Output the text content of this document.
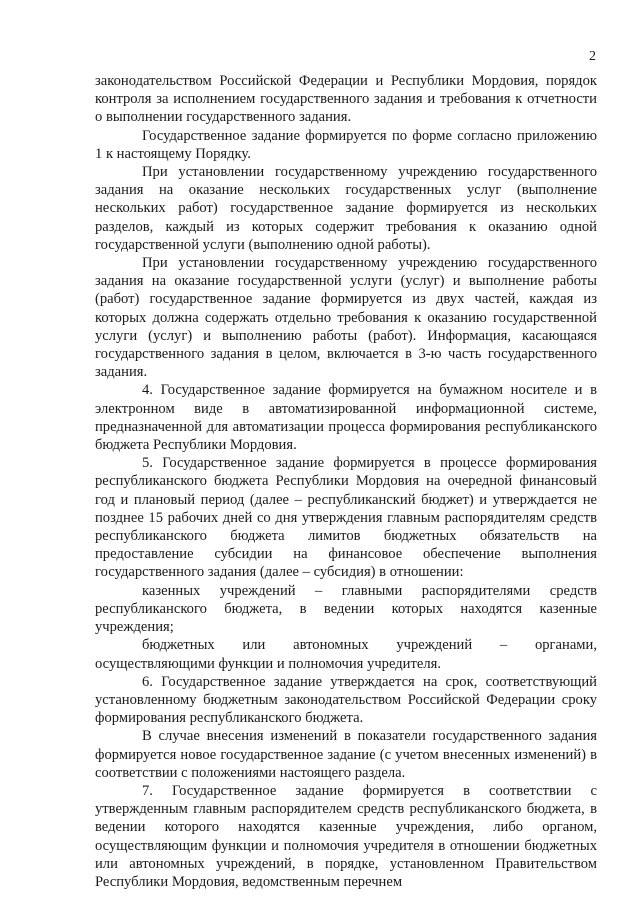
2

законодательством Российской Федерации и Республики Мордовия, порядок контроля за исполнением государственного задания и требования к отчетности о выполнении государственного задания.

Государственное задание формируется по форме согласно приложению 1 к настоящему Порядку.

При установлении государственному учреждению государственного задания на оказание нескольких государственных услуг (выполнение нескольких работ) государственное задание формируется из нескольких разделов, каждый из которых содержит требования к оказанию одной государственной услуги (выполнению одной работы).

При установлении государственному учреждению государственного задания на оказание государственной услуги (услуг) и выполнение работы (работ) государственное задание формируется из двух частей, каждая из которых должна содержать отдельно требования к оказанию государственной услуги (услуг) и выполнению работы (работ). Информация, касающаяся государственного задания в целом, включается в 3-ю часть государственного задания.

4. Государственное задание формируется на бумажном носителе и в электронном виде в автоматизированной информационной системе, предназначенной для автоматизации процесса формирования республиканского бюджета Республики Мордовия.

5. Государственное задание формируется в процессе формирования республиканского бюджета Республики Мордовия на очередной финансовый год и плановый период (далее – республиканский бюджет) и утверждается не позднее 15 рабочих дней со дня утверждения главным распорядителям средств республиканского бюджета лимитов бюджетных обязательств на предоставление субсидии на финансовое обеспечение выполнения государственного задания (далее – субсидия) в отношении:

казенных учреждений – главными распорядителями средств республиканского бюджета, в ведении которых находятся казенные учреждения;

бюджетных или автономных учреждений – органами, осуществляющими функции и полномочия учредителя.

6. Государственное задание утверждается на срок, соответствующий установленному бюджетным законодательством Российской Федерации сроку формирования республиканского бюджета.

В случае внесения изменений в показатели государственного задания формируется новое государственное задание (с учетом внесенных изменений) в соответствии с положениями настоящего раздела.

7. Государственное задание формируется в соответствии с утвержденным главным распорядителем средств республиканского бюджета, в ведении которого находятся казенные учреждения, либо органом, осуществляющим функции и полномочия учредителя в отношении бюджетных или автономных учреждений, в порядке, установленном Правительством Республики Мордовия, ведомственным перечнем
